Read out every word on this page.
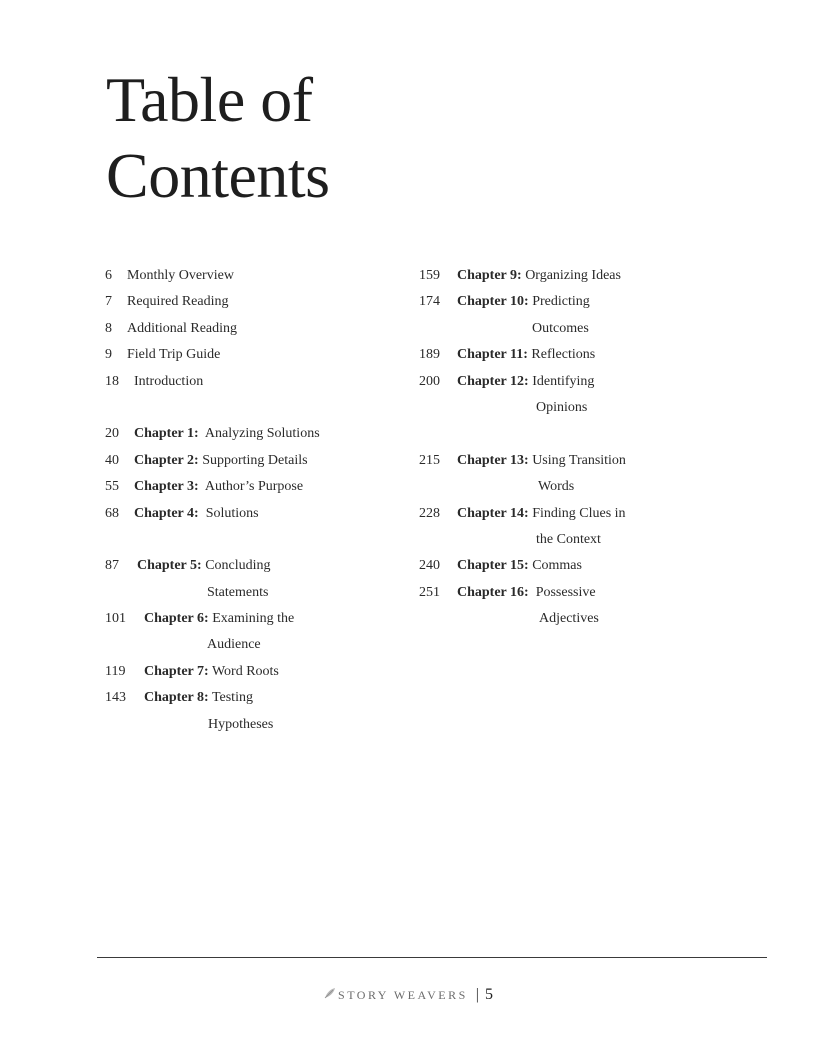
Table of
Contents
6 Monthly Overview
7 Required Reading
8 Additional Reading
9 Field Trip Guide
18 Introduction
20 Chapter 1: Analyzing Solutions
40 Chapter 2: Supporting Details
55 Chapter 3: Author’s Purpose
68 Chapter 4: Solutions
87 Chapter 5: Concluding
Statements
101 Chapter 6: Examining the
Audience
119 Chapter 7: Word Roots
143 Chapter 8: Testing
Hypotheses
159 Chapter 9: Organizing Ideas
174 Chapter 10: Predicting
Outcomes
189 Chapter 11: Reflections
200 Chapter 12: Identifying
Opinions
215 Chapter 13: Using Transition
Words
228 Chapter 14: Finding Clues in
the Context
240 Chapter 15: Commas
251 Chapter 16: Possessive
Adjectives
STORY WEAVERS | 5
